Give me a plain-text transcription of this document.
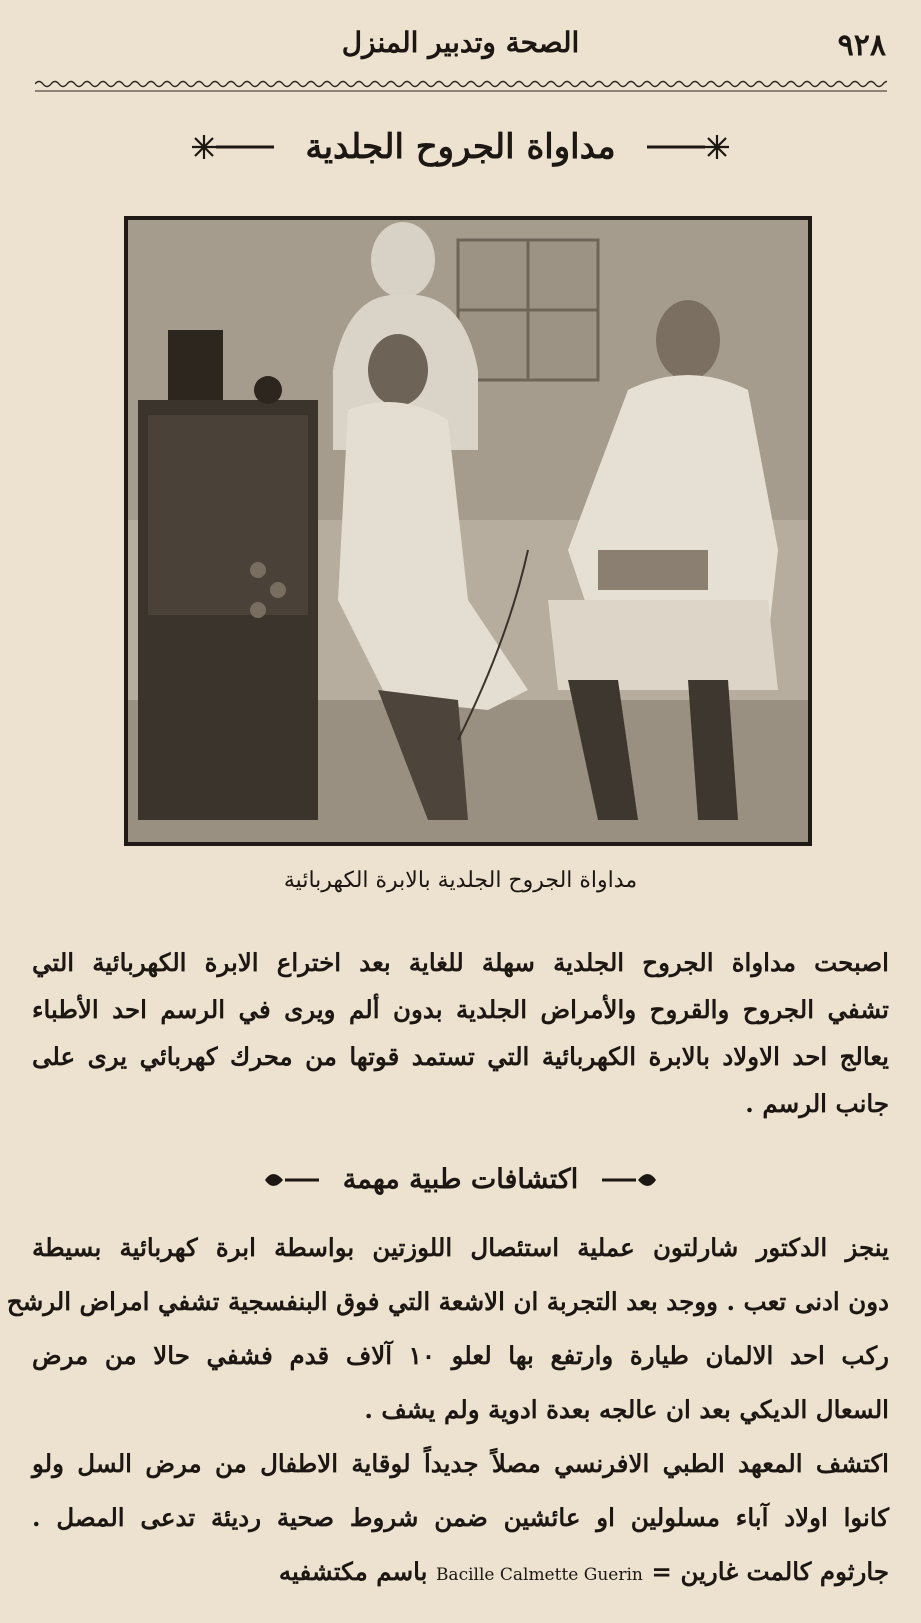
٩٢٨
الصحة وتدبير المنزل
مداواة الجروح الجلدية
مداواة الجروح الجلدية بالابرة الكهربائية
اصبحت مداواة الجروح الجلدية سهلة للغاية بعد اختراع الابرة الكهربائية التي
تشفي الجروح والقروح والأمراض الجلدية بدون ألم ويرى في الرسم احد الأطباء
يعالج احد الاولاد بالابرة الكهربائية التي تستمد قوتها من محرك كهربائي يرى على
جانب الرسم .
اكتشافات طبية مهمة
ينجز الدكتور شارلتون عملية استئصال اللوزتين بواسطة ابرة كهربائية بسيطة
دون ادنى تعب . ووجد بعد التجربة ان الاشعة التي فوق البنفسجية تشفي امراض الرشح
ركب احد الالمان طيارة وارتفع بها لعلو ١٠ آلاف قدم فشفي حالا من مرض
السعال الديكي بعد ان عالجه بعدة ادوية ولم يشف .
اكتشف المعهد الطبي الافرنسي مصلاً جديداً لوقاية الاطفال من مرض السل ولو
كانوا اولاد آباء مسلولين او عائشين ضمن شروط صحية رديئة تدعى المصل .
جارثوم كالمت غارين = Bacille Calmette Guerin باسم مكتشفيه
